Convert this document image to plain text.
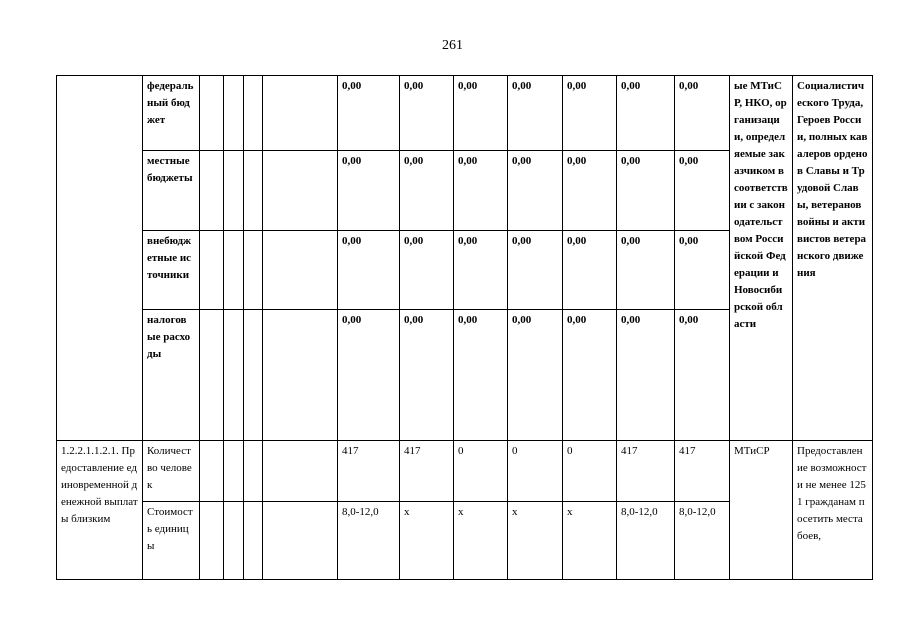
261
	федеральный бюджет					0,00	0,00	0,00	0,00	0,00	0,00	0,00	ые МТиСР, НКО, организации, определяемые заказчиком в соответствии с законодательством Российской Федерации и Новосибирской области	Социалистического Труда, Героев России, полных кавалеров орденов Славы и Трудовой Славы, ветеранов войны и активистов ветеранского движения
	местные бюджеты					0,00	0,00	0,00	0,00	0,00	0,00	0,00		
	внебюджетные источники					0,00	0,00	0,00	0,00	0,00	0,00	0,00		
	налоговые расходы					0,00	0,00	0,00	0,00	0,00	0,00	0,00		
1.2.2.1.1.2.1. Предоставление единовременной денежной выплаты близким	Количество человек					417	417	0	0	0	417	417	МТиСР	Предоставление возможности не менее 1251 гражданам посетить места боев,
	Стоимость единицы					8,0-12,0	x	x	x	x	8,0-12,0	8,0-12,0		
